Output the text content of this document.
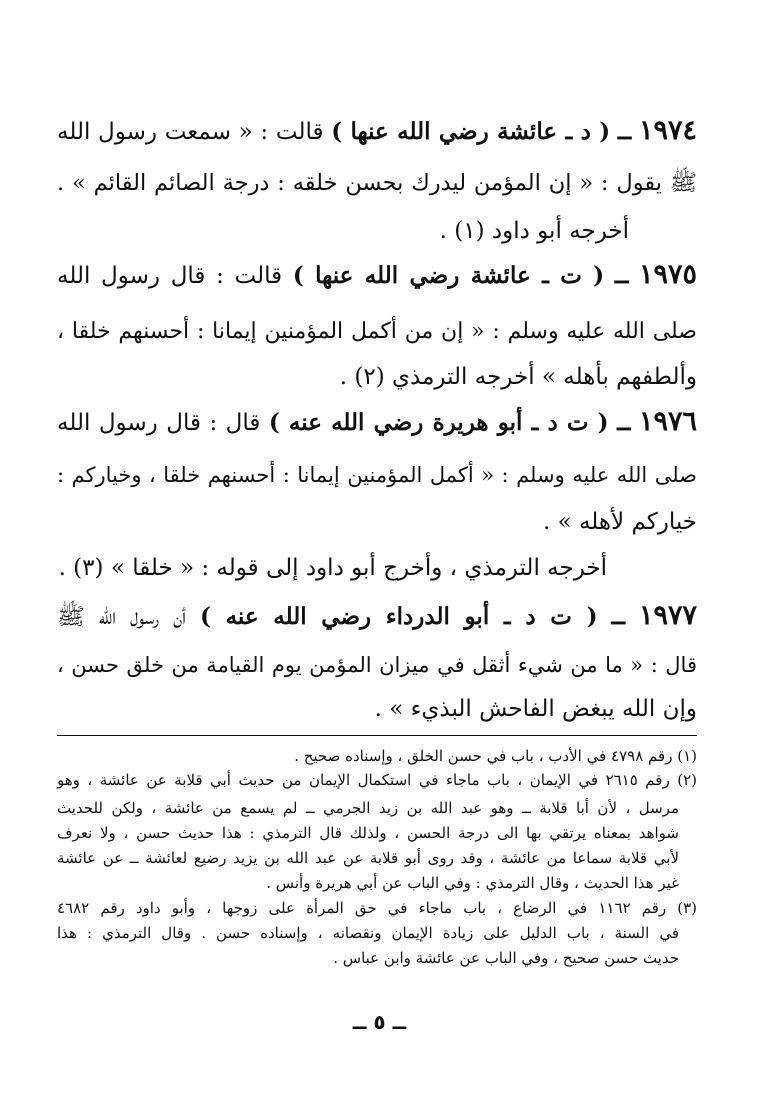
١٩٧٤ ــ ( د ـ عائشة رضي الله عنها ) قالت : « سمعت رسول الله
ﷺ يقول : « إن المؤمن ليدرك بحسن خلقه : درجة الصائم القائم » .
أخرجه أبو داود (١) .
١٩٧٥ ــ ( ت ـ عائشة رضي الله عنها ) قالت : قال رسول الله
صلى الله عليه وسلم : « إن من أكمل المؤمنين إيمانا : أحسنهم خلقا ،
وألطفهم بأهله » أخرجه الترمذي (٢) .
١٩٧٦ ــ ( ت د ـ أبو هريرة رضي الله عنه ) قال : قال رسول الله
صلى الله عليه وسلم : « أكمل المؤمنين إيمانا : أحسنهم خلقا ، وخياركم :
خياركم لأهله » .
أخرجه الترمذي ، وأخرج أبو داود إلى قوله : « خلقا » (٣) .
١٩٧٧ ــ ( ت د ـ أبو الدرداء رضي الله عنه ) أن رسول الله ﷺ
قال : « ما من شيء أثقل في ميزان المؤمن يوم القيامة من خلق حسن ،
وإن الله يبغض الفاحش البذيء » .
(١) رقم ٤٧٩٨ في الأدب ، باب في حسن الخلق ، وإسناده صحيح .
(٢) رقم ٢٦١٥ في الإيمان ، باب ماجاء في استكمال الإيمان من حديث أبي قلابة عن عائشة ، وهو
مرسل ، لأن أبا قلابة ــ وهو عبد الله بن زيد الجرمي ــ لم يسمع من عائشة ، ولكن للحديث
شواهد بمعناه يرتقي بها الى درجة الحسن ، ولذلك قال الترمذي : هذا حديث حسن ، ولا نعرف
لأبي قلابة سماعا من عائشة ، وقد روى أبو قلابة عن عبد الله بن يزيد رضيع لعائشة ــ عن عائشة
غير هذا الحديث ، وقال الترمذي : وفي الباب عن أبي هريرة وأنس .
(٣) رقم ١١٦٢ في الرضاع ، باب ماجاء في حق المرأة على زوجها ، وأبو داود رقم ٤٦٨٢
في السنة ، باب الدليل على زيادة الإيمان ونقصانه ، وإسناده حسن . وقال الترمذي : هذا
حديث حسن صحيح ، وفي الباب عن عائشة وابن عباس .
ــ ٥ ــ
